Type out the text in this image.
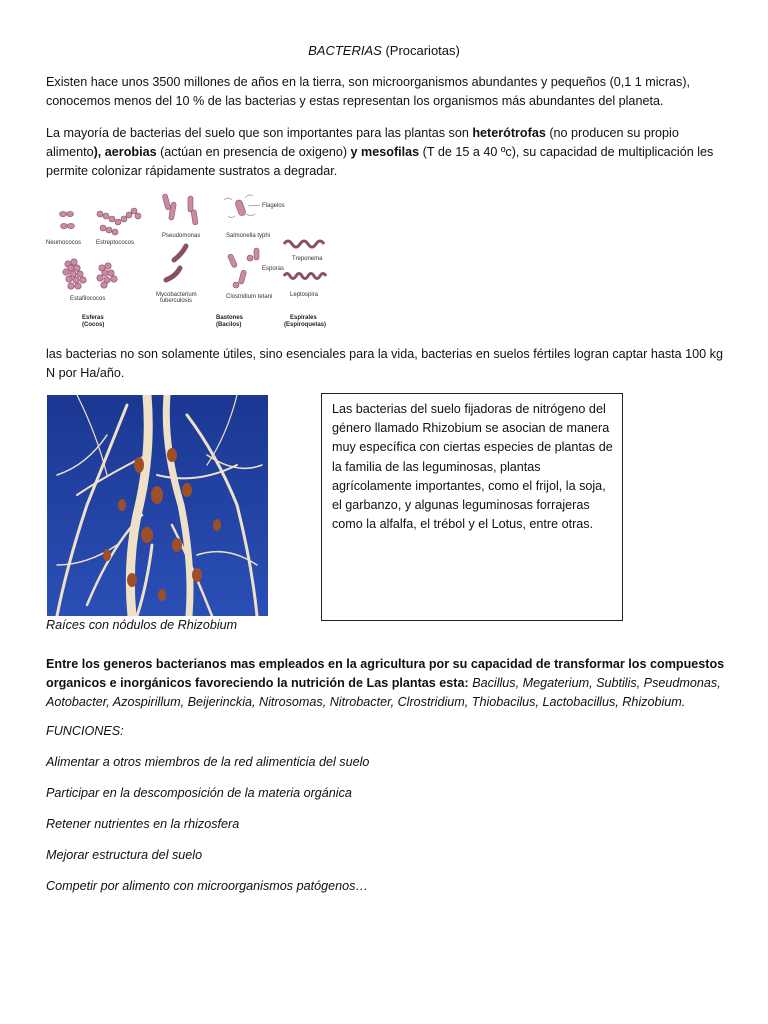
BACTERIAS (Procariotas)
Existen hace unos 3500 millones de años en la tierra, son microorganismos abundantes y pequeños (0,1 1 micras), conocemos menos del 10 % de las bacterias y estas representan los organismos más abundantes del planeta.
La mayoría de bacterias del suelo que son importantes para las plantas son heterótrofas (no producen su propio alimento), aerobias (actúan en presencia de oxigeno) y mesofilas (T de 15 a 40 ºc), su capacidad de multiplicación les permite colonizar rápidamente sustratos a degradar.
Neumococos Estreptococos
Estafilococos
Pseudomonas	Salmonella typhi
Flagelos
Treponema
Mycobacterium
tuberculosis
Clostridium tetani
Esporas
Leptospira
Esferas
(Cocos)
Bastones
(Bacilos)
Espirales
(Espiroquetas)
las bacterias no son solamente útiles, sino esenciales para la vida, bacterias en suelos fértiles logran captar hasta 100 kg N por Ha/año.
Raíces con nódulos de Rhizobium
Las bacterias del suelo fijadoras de nitrógeno del género llamado Rhizobium se asocian de manera muy específica con ciertas especies de plantas de la familia de las leguminosas, plantas agrícolamente importantes, como el frijol, la soja, el garbanzo, y algunas leguminosas forrajeras como la alfalfa, el trébol y el Lotus, entre otras.
Entre los generos bacterianos mas empleados en la agricultura por su capacidad de transformar los compuestos organicos e inorgánicos favoreciendo la nutrición de Las plantas esta: Bacillus, Megaterium, Subtilis, Pseudmonas, Aotobacter, Azospirillum, Beijerinckia, Nitrosomas, Nitrobacter, Clrostridium, Thiobacilus, Lactobacillus, Rhizobium.
FUNCIONES:
Alimentar a otros miembros de la red alimenticia del suelo
Participar en la descomposición de la materia orgánica
Retener nutrientes en la rhizosfera
Mejorar estructura del suelo
Competir por alimento con microorganismos patógenos…
